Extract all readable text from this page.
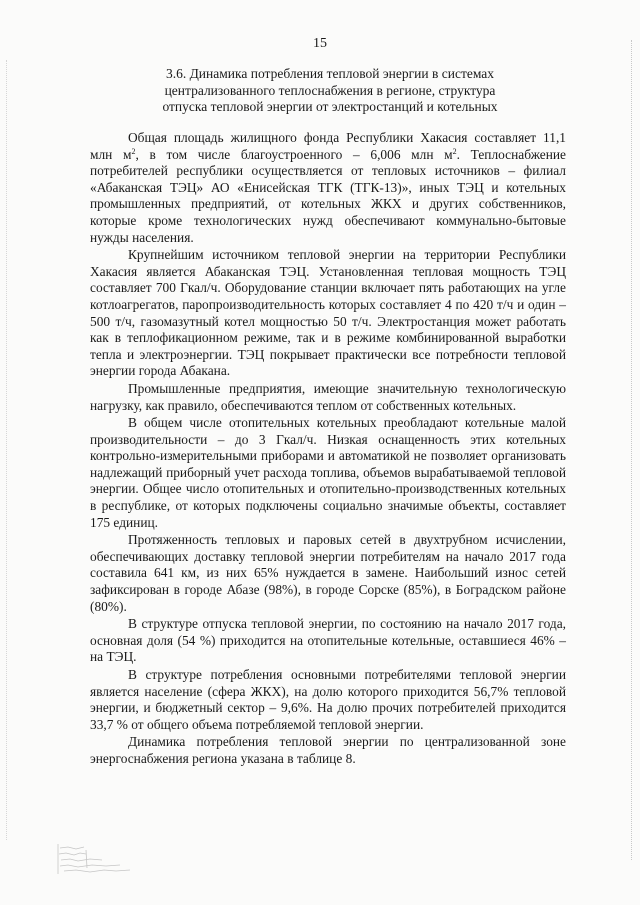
15
3.6. Динамика потребления тепловой энергии в системах
централизованного теплоснабжения в регионе, структура
отпуска тепловой энергии от электростанций и котельных

Общая площадь жилищного фонда Республики Хакасия составляет 11,1 млн $м^2$, в том числе благоустроенного – 6,006 млн $м^2$. Теплоснабжение потребителей республики осуществляется от тепловых источников – филиал «Абаканская ТЭЦ» АО «Енисейская ТГК (ТГК-13)», иных ТЭЦ и котельных промышленных предприятий, от котельных ЖКХ и других собственников, которые кроме технологических нужд обеспечивают коммунально-бытовые нужды населения.

Крупнейшим источником тепловой энергии на территории Республики Хакасия является Абаканская ТЭЦ. Установленная тепловая мощность ТЭЦ составляет 700 Гкал/ч. Оборудование станции включает пять работающих на угле котлоагрегатов, паропроизводительность которых составляет 4 по 420 т/ч и один – 500 т/ч, газомазутный котел мощностью 50 т/ч. Электростанция может работать как в теплофикационном режиме, так и в режиме комбинированной выработки тепла и электроэнергии. ТЭЦ покрывает практически все потребности тепловой энергии города Абакана.

Промышленные предприятия, имеющие значительную технологическую нагрузку, как правило, обеспечиваются теплом от собственных котельных.

В общем числе отопительных котельных преобладают котельные малой производительности – до 3 Гкал/ч. Низкая оснащенность этих котельных контрольно-измерительными приборами и автоматикой не позволяет организовать надлежащий приборный учет расхода топлива, объемов вырабатываемой тепловой энергии. Общее число отопительных и отопительно-производственных котельных в республике, от которых подключены социально значимые объекты, составляет 175 единиц.

Протяженность тепловых и паровых сетей в двухтрубном исчислении, обеспечивающих доставку тепловой энергии потребителям на начало 2017 года составила 641 км, из них 65% нуждается в замене. Наибольший износ сетей зафиксирован в городе Абазе (98%), в городе Сорске (85%), в Боградском районе (80%).

В структуре отпуска тепловой энергии, по состоянию на начало 2017 года, основная доля (54 %) приходится на отопительные котельные, оставшиеся 46% – на ТЭЦ.

В структуре потребления основными потребителями тепловой энергии является население (сфера ЖКХ), на долю которого приходится 56,7% тепловой энергии, и бюджетный сектор – 9,6%. На долю прочих потребителей приходится 33,7 % от общего объема потребляемой тепловой энергии.

Динамика потребления тепловой энергии по централизованной зоне энергоснабжения региона указана в таблице 8.
